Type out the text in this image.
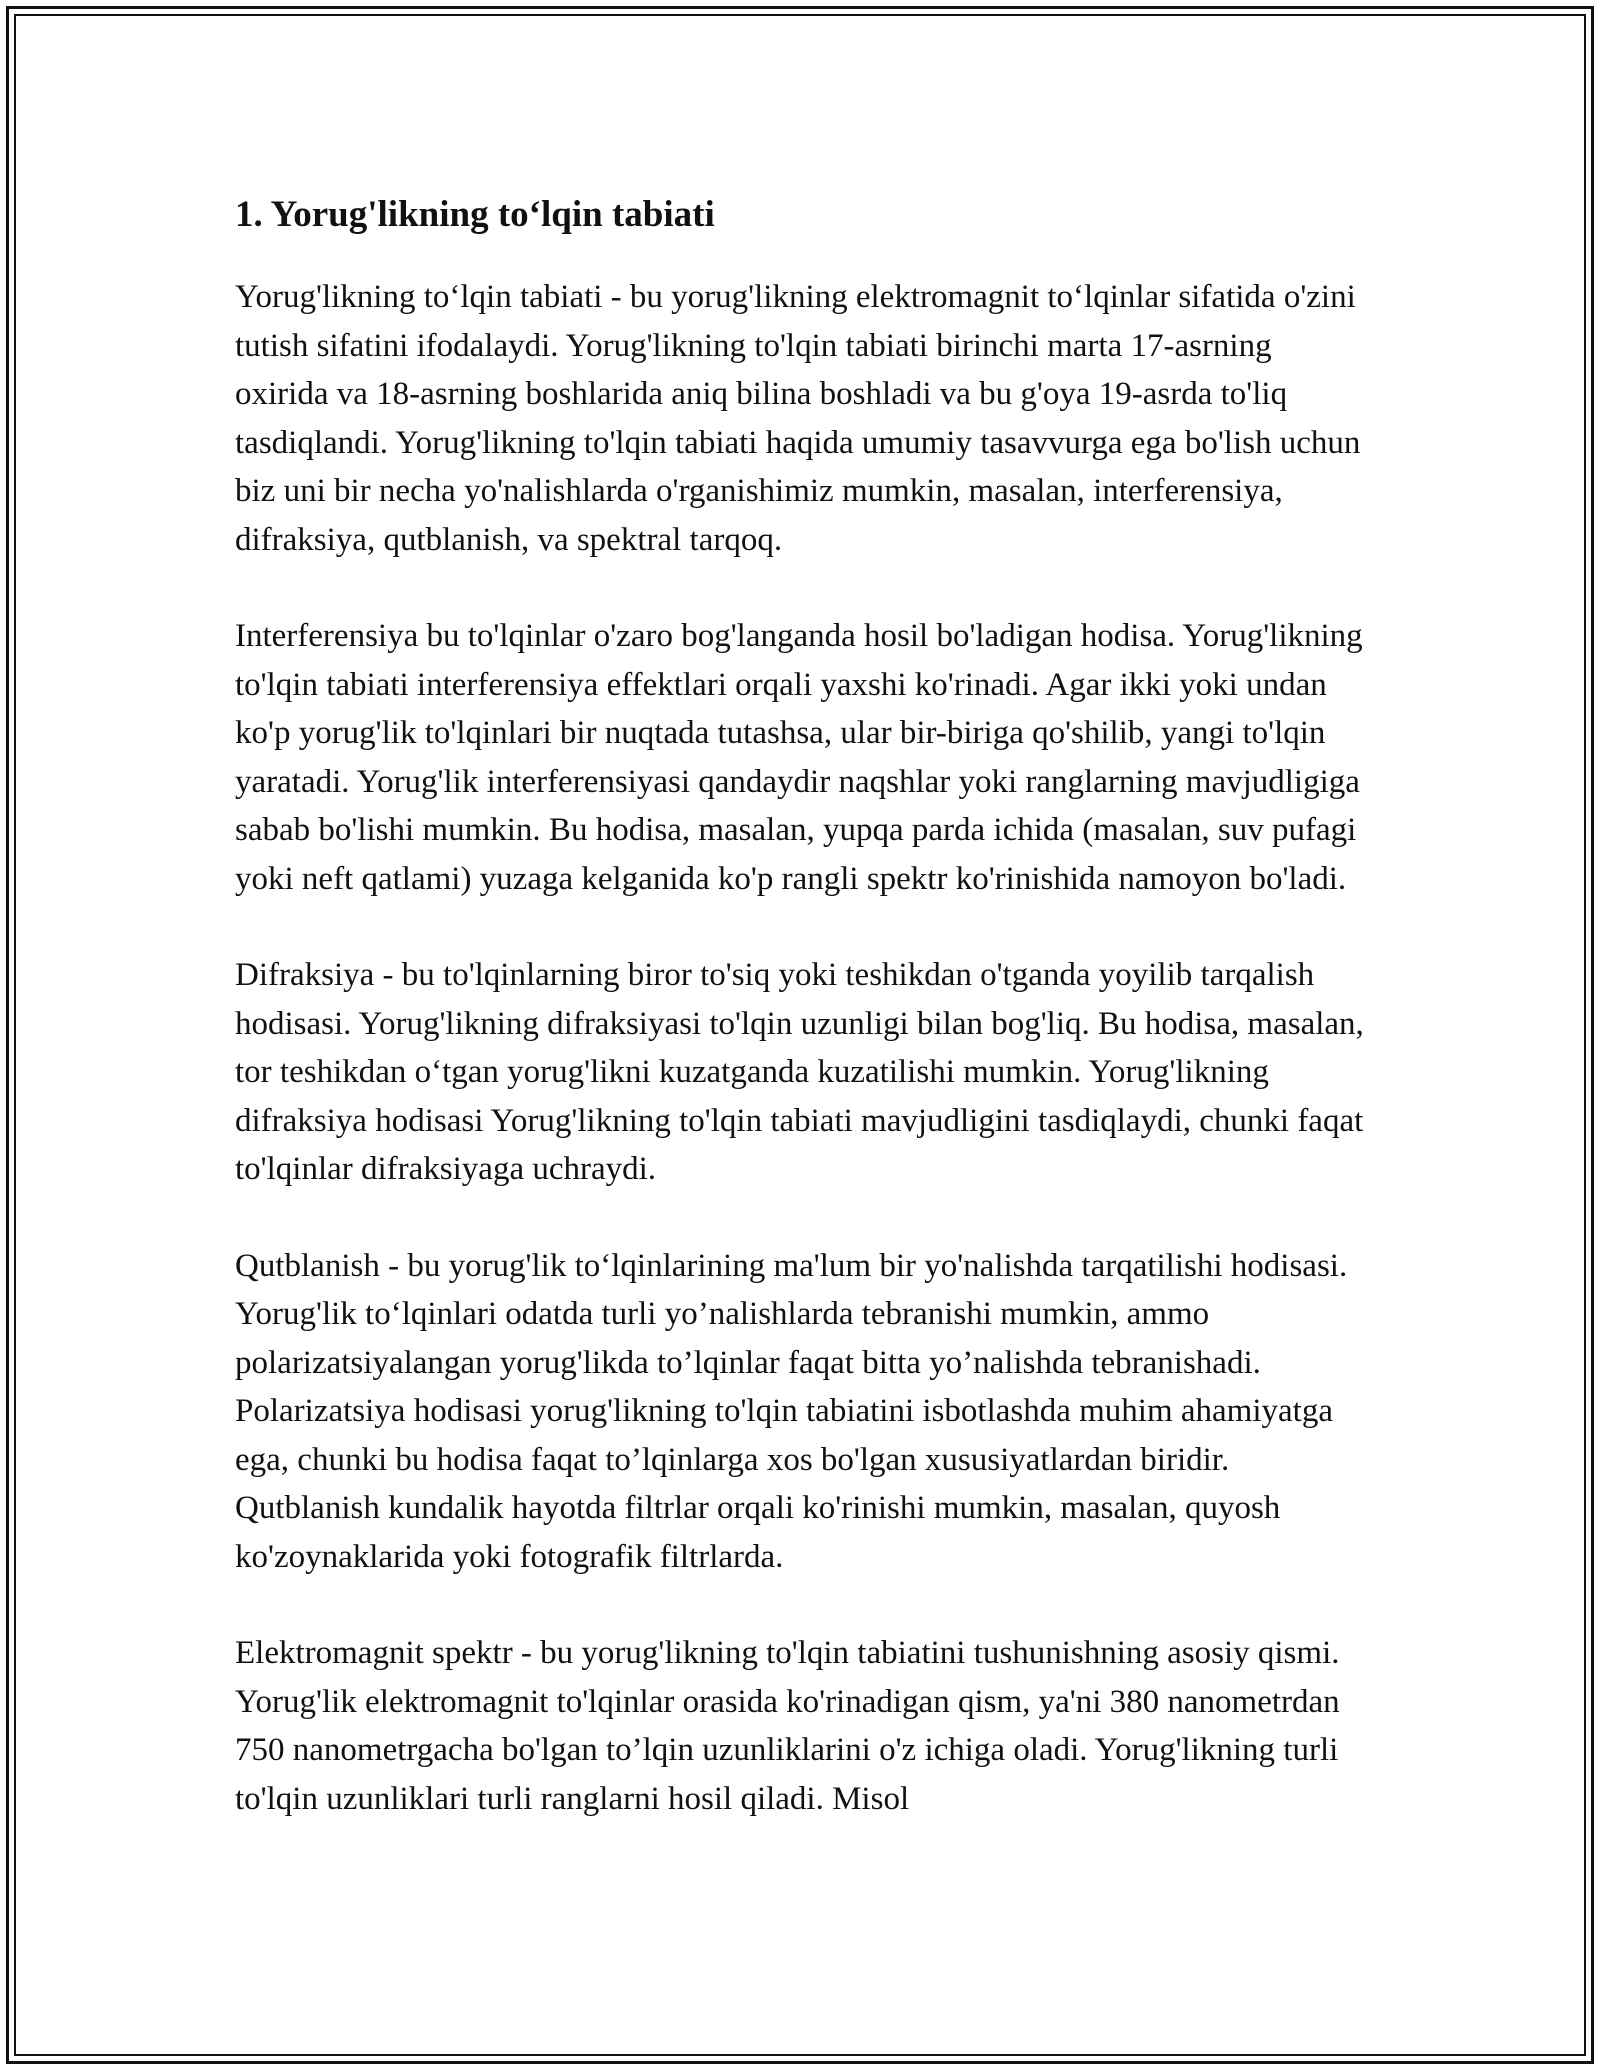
1. Yorug'likning to‘lqin tabiati

Yorug'likning to‘lqin tabiati - bu yorug'likning elektromagnit to‘lqinlar sifatida o'zini tutish sifatini ifodalaydi. Yorug'likning to'lqin tabiati birinchi marta 17-asrning oxirida va 18-asrning boshlarida aniq bilina boshladi va bu g'oya 19-asrda to'liq tasdiqlandi. Yorug'likning to'lqin tabiati haqida umumiy tasavvurga ega bo'lish uchun biz uni bir necha yo'nalishlarda o'rganishimiz mumkin, masalan, interferensiya, difraksiya, qutblanish, va spektral tarqoq.

Interferensiya bu to'lqinlar o'zaro bog'langanda hosil bo'ladigan hodisa. Yorug'likning to'lqin tabiati interferensiya effektlari orqali yaxshi ko'rinadi. Agar ikki yoki undan ko'p yorug'lik to'lqinlari bir nuqtada tutashsa, ular bir-biriga qo'shilib, yangi to'lqin yaratadi. Yorug'lik interferensiyasi qandaydir naqshlar yoki ranglarning mavjudligiga sabab bo'lishi mumkin. Bu hodisa, masalan, yupqa parda ichida (masalan, suv pufagi yoki neft qatlami) yuzaga kelganida ko'p rangli spektr ko'rinishida namoyon bo'ladi.

Difraksiya - bu to'lqinlarning biror to'siq yoki teshikdan o'tganda yoyilib tarqalish hodisasi. Yorug'likning difraksiyasi to'lqin uzunligi bilan bog'liq. Bu hodisa, masalan, tor teshikdan o‘tgan yorug'likni kuzatganda kuzatilishi mumkin. Yorug'likning difraksiya hodisasi Yorug'likning to'lqin tabiati mavjudligini tasdiqlaydi, chunki faqat to'lqinlar difraksiyaga uchraydi.

Qutblanish - bu yorug'lik to‘lqinlarining ma'lum bir yo'nalishda tarqatilishi hodisasi. Yorug'lik to‘lqinlari odatda turli yo’nalishlarda tebranishi mumkin, ammo polarizatsiyalangan yorug'likda to’lqinlar faqat bitta yo’nalishda tebranishadi. Polarizatsiya hodisasi yorug'likning to'lqin tabiatini isbotlashda muhim ahamiyatga ega, chunki bu hodisa faqat to’lqinlarga xos bo'lgan xususiyatlardan biridir. Qutblanish kundalik hayotda filtrlar orqali ko'rinishi mumkin, masalan, quyosh ko'zoynaklarida yoki fotografik filtrlarda.

Elektromagnit spektr - bu yorug'likning to'lqin tabiatini tushunishning asosiy qismi. Yorug'lik elektromagnit to'lqinlar orasida ko'rinadigan qism, ya'ni 380 nanometrdan 750 nanometrgacha bo'lgan to’lqin uzunliklarini o'z ichiga oladi. Yorug'likning turli to'lqin uzunliklari turli ranglarni hosil qiladi. Misol
